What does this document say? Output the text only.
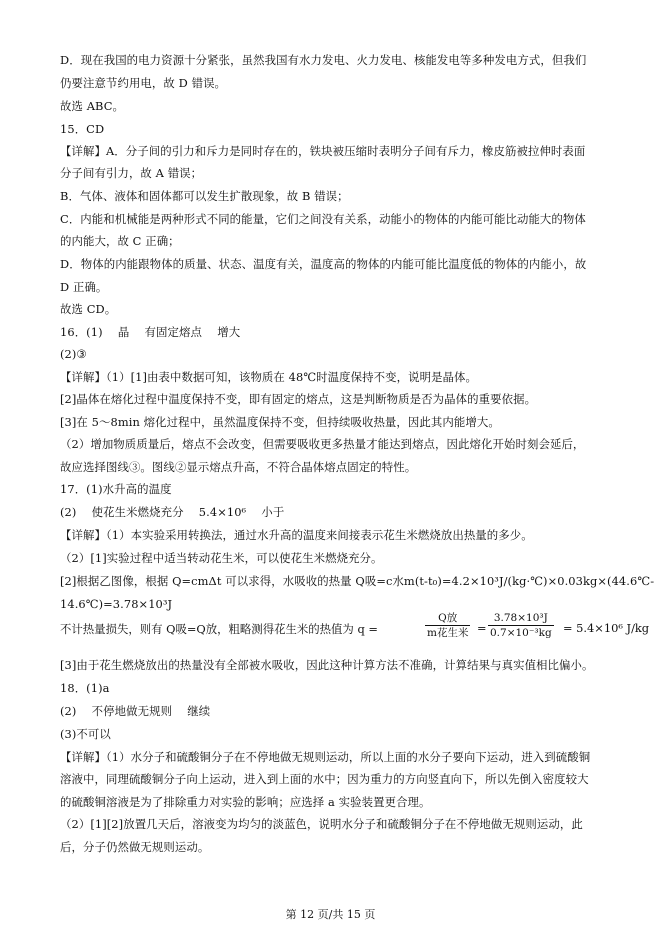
D．现在我国的电力资源十分紧张，虽然我国有水力发电、火力发电、核能发电等多种发电方式，但我们
仍要注意节约用电，故 D 错误。
故选 ABC。
15．CD
【详解】A．分子间的引力和斥力是同时存在的，铁块被压缩时表明分子间有斥力，橡皮筋被拉伸时表面
分子间有引力，故 A 错误；
B．气体、液体和固体都可以发生扩散现象，故 B 错误；
C．内能和机械能是两种形式不同的能量，它们之间没有关系，动能小的物体的内能可能比动能大的物体
的内能大，故 C 正确；
D．物体的内能跟物体的质量、状态、温度有关，温度高的物体的内能可能比温度低的物体的内能小，故
D 正确。
故选 CD。
16．(1)　 晶　 有固定熔点　 增大
(2)③
【详解】（1）[1]由表中数据可知，该物质在 48℃时温度保持不变，说明是晶体。
[2]晶体在熔化过程中温度保持不变，即有固定的熔点，这是判断物质是否为晶体的重要依据。
[3]在 5～8min 熔化过程中，虽然温度保持不变，但持续吸收热量，因此其内能增大。
（2）增加物质质量后，熔点不会改变，但需要吸收更多热量才能达到熔点，因此熔化开始时刻会延后，
故应选择图线③。图线②显示熔点升高，不符合晶体熔点固定的特性。
17．(1)水升高的温度
(2)　 使花生米燃烧充分　 5.4×10⁶　 小于
【详解】（1）本实验采用转换法，通过水升高的温度来间接表示花生米燃烧放出热量的多少。
（2）[1]实验过程中适当转动花生米，可以使花生米燃烧充分。
[2]根据乙图像，根据 Q=cmΔt 可以求得，水吸收的热量 Q吸=c水m(t-t₀)=4.2×10³J/(kg·℃)×0.03kg×(44.6℃-
14.6℃)=3.78×10³J
不计热量损失，则有 Q吸=Q放，粗略测得花生米的热值为 q =
Q放
m花生米 = $\frac{\text{3.78×10³J}}{\text{0.7×10⁻³kg}} = 5.4\times 10^6$ J/kg
[3]由于花生燃烧放出的热量没有全部被水吸收，因此这种计算方法不准确，计算结果与真实值相比偏小。
18．(1)a
(2)　 不停地做无规则　 继续
(3)不可以
【详解】（1）水分子和硫酸铜分子在不停地做无规则运动，所以上面的水分子要向下运动，进入到硫酸铜
溶液中，同理硫酸铜分子向上运动，进入到上面的水中；因为重力的方向竖直向下，所以先倒入密度较大
的硫酸铜溶液是为了排除重力对实验的影响；应选择 a 实验装置更合理。
（2）[1][2]放置几天后，溶液变为均匀的淡蓝色，说明水分子和硫酸铜分子在不停地做无规则运动，此
后，分子仍然做无规则运动。
第 12 页/共 15 页
